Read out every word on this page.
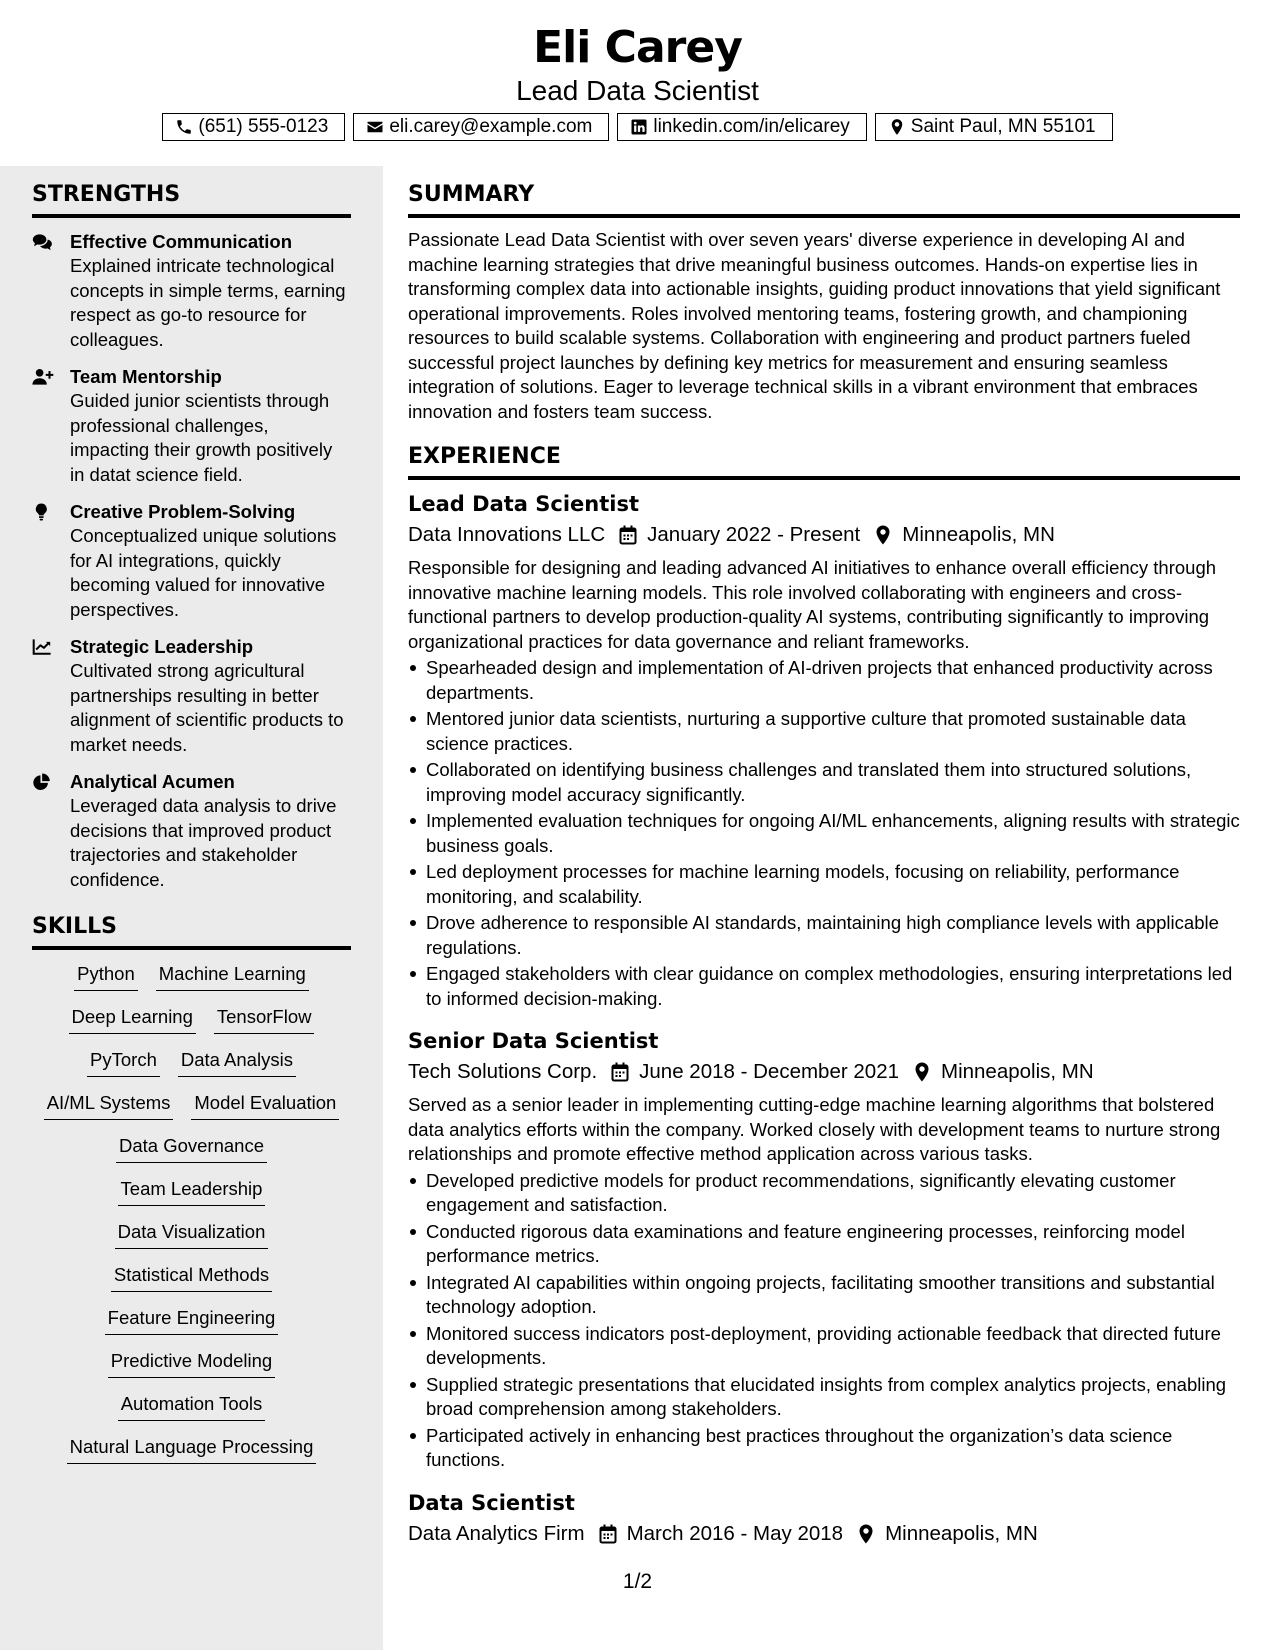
Eli Carey
Lead Data Scientist
(651) 555-0123	eli.carey@example.com	linkedin.com/in/elicarey	Saint Paul, MN 55101
STRENGTHS
Effective Communication
Explained intricate technological concepts in simple terms, earning respect as go-to resource for colleagues.
Team Mentorship
Guided junior scientists through professional challenges, impacting their growth positively in datat science field.
Creative Problem-Solving
Conceptualized unique solutions for AI integrations, quickly becoming valued for innovative perspectives.
Strategic Leadership
Cultivated strong agricultural partnerships resulting in better alignment of scientific products to market needs.
Analytical Acumen
Leveraged data analysis to drive decisions that improved product trajectories and stakeholder confidence.
SKILLS
Python Machine Learning
Deep Learning TensorFlow
PyTorch Data Analysis
AI/ML Systems Model Evaluation
Data Governance
Team Leadership
Data Visualization
Statistical Methods
Feature Engineering
Predictive Modeling
Automation Tools
Natural Language Processing
SUMMARY
Passionate Lead Data Scientist with over seven years' diverse experience in developing AI and machine learning strategies that drive meaningful business outcomes. Hands-on expertise lies in transforming complex data into actionable insights, guiding product innovations that yield significant operational improvements. Roles involved mentoring teams, fostering growth, and championing resources to build scalable systems. Collaboration with engineering and product partners fueled successful project launches by defining key metrics for measurement and ensuring seamless integration of solutions. Eager to leverage technical skills in a vibrant environment that embraces innovation and fosters team success.
EXPERIENCE
Lead Data Scientist
Data Innovations LLC January 2022 - Present Minneapolis, MN
Responsible for designing and leading advanced AI initiatives to enhance overall efficiency through innovative machine learning models. This role involved collaborating with engineers and cross-functional partners to develop production-quality AI systems, contributing significantly to improving organizational practices for data governance and reliant frameworks.
Spearheaded design and implementation of AI-driven projects that enhanced productivity across departments.
Mentored junior data scientists, nurturing a supportive culture that promoted sustainable data science practices.
Collaborated on identifying business challenges and translated them into structured solutions, improving model accuracy significantly.
Implemented evaluation techniques for ongoing AI/ML enhancements, aligning results with strategic business goals.
Led deployment processes for machine learning models, focusing on reliability, performance monitoring, and scalability.
Drove adherence to responsible AI standards, maintaining high compliance levels with applicable regulations.
Engaged stakeholders with clear guidance on complex methodologies, ensuring interpretations led to informed decision-making.
Senior Data Scientist
Tech Solutions Corp. June 2018 - December 2021 Minneapolis, MN
Served as a senior leader in implementing cutting-edge machine learning algorithms that bolstered data analytics efforts within the company. Worked closely with development teams to nurture strong relationships and promote effective method application across various tasks.
Developed predictive models for product recommendations, significantly elevating customer engagement and satisfaction.
Conducted rigorous data examinations and feature engineering processes, reinforcing model performance metrics.
Integrated AI capabilities within ongoing projects, facilitating smoother transitions and substantial technology adoption.
Monitored success indicators post-deployment, providing actionable feedback that directed future developments.
Supplied strategic presentations that elucidated insights from complex analytics projects, enabling broad comprehension among stakeholders.
Participated actively in enhancing best practices throughout the organization’s data science functions.
Data Scientist
Data Analytics Firm March 2016 - May 2018 Minneapolis, MN
1/2
